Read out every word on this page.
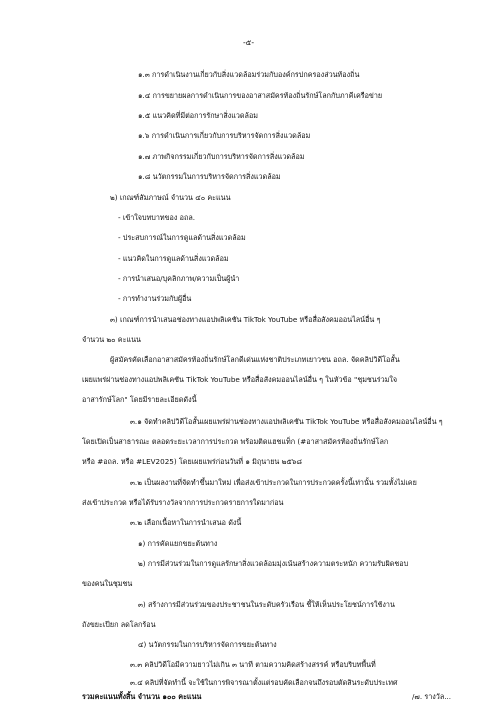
-๕-
๑.๓ การดำเนินงานเกี่ยวกับสิ่งแวดล้อมร่วมกับองค์กรปกครองส่วนท้องถิ่น
๑.๔ การขยายผลการดำเนินการของอาสาสมัครท้องถิ่นรักษ์โลกกับภาคีเครือข่าย
๑.๕ แนวคิดที่มีต่อการรักษาสิ่งแวดล้อม
๑.๖ การดำเนินการเกี่ยวกับการบริหารจัดการสิ่งแวดล้อม
๑.๗ ภาพกิจกรรมเกี่ยวกับการบริหารจัดการสิ่งแวดล้อม
๑.๘ นวัตกรรมในการบริหารจัดการสิ่งแวดล้อม
๒) เกณฑ์สัมภาษณ์ จำนวน ๔๐ คะแนน
- เข้าใจบทบาทของ อถล.
- ประสบการณ์ในการดูแลด้านสิ่งแวดล้อม
- แนวคิดในการดูแลด้านสิ่งแวดล้อม
- การนำเสนอ/บุคลิกภาพ/ความเป็นผู้นำ
- การทำงานร่วมกับผู้อื่น
๓) เกณฑ์การนำเสนอช่องทางแอปพลิเคชัน TikTok YouTube หรือสื่อสังคมออนไลน์อื่น ๆ
จำนวน ๒๐ คะแนน
ผู้สมัครคัดเลือกอาสาสมัครท้องถิ่นรักษ์โลกดีเด่นแห่งชาติประเภทเยาวชน อถล. จัดคลิปวิดีโอสั้น
เผยแพร่ผ่านช่องทางแอปพลิเคชัน TikTok YouTube หรือสื่อสังคมออนไลน์อื่น ๆ ในหัวข้อ "ชุมชนร่วมใจ
อาสารักษ์โลก" โดยมีรายละเอียดดังนี้
๓.๑ จัดทำคลิปวิดีโอสั้นเผยแพร่ผ่านช่องทางแอปพลิเคชัน TikTok YouTube หรือสื่อสังคมออนไลน์อื่น ๆ
โดยเปิดเป็นสาธารณะ ตลอดระยะเวลาการประกวด พร้อมติดแฮชแท็ก (#อาสาสมัครท้องถิ่นรักษ์โลก
หรือ #อถล. หรือ #LEV2025) โดยเผยแพร่ก่อนวันที่ ๑ มิถุนายน ๒๕๖๘
๓.๒ เป็นผลงานที่จัดทำขึ้นมาใหม่ เพื่อส่งเข้าประกวดในการประกวดครั้งนี้เท่านั้น รวมทั้งไม่เคย
ส่งเข้าประกวด หรือได้รับรางวัลจากการประกวดรายการใดมาก่อน
๓.๒ เลือกเนื้อหาในการนำเสนอ ดังนี้
๑) การคัดแยกขยะต้นทาง
๒) การมีส่วนร่วมในการดูแลรักษาสิ่งแวดล้อมมุ่งเน้นสร้างความตระหนัก ความรับผิดชอบ
ของคนในชุมชน
๓) สร้างการมีส่วนร่วมของประชาชนในระดับครัวเรือน ชี้ให้เห็นประโยชน์การใช้งาน
ถังขยะเปียก ลดโลกร้อน
๔) นวัตกรรมในการบริหารจัดการขยะต้นทาง
๓.๓ คลิปวิดีโอมีความยาวไม่เกิน ๓ นาที ตามความคิดสร้างสรรค์ หรือบริบทพื้นที่
๓.๔ คลิปที่จัดทำนี้ จะใช้ในการพิจารณาตั้งแต่รอบคัดเลือกจนถึงรอบตัดสินระดับประเทศ
รวมคะแนนทั้งสิ้น จำนวน ๑๐๐ คะแนน	/๗. รางวัล...
